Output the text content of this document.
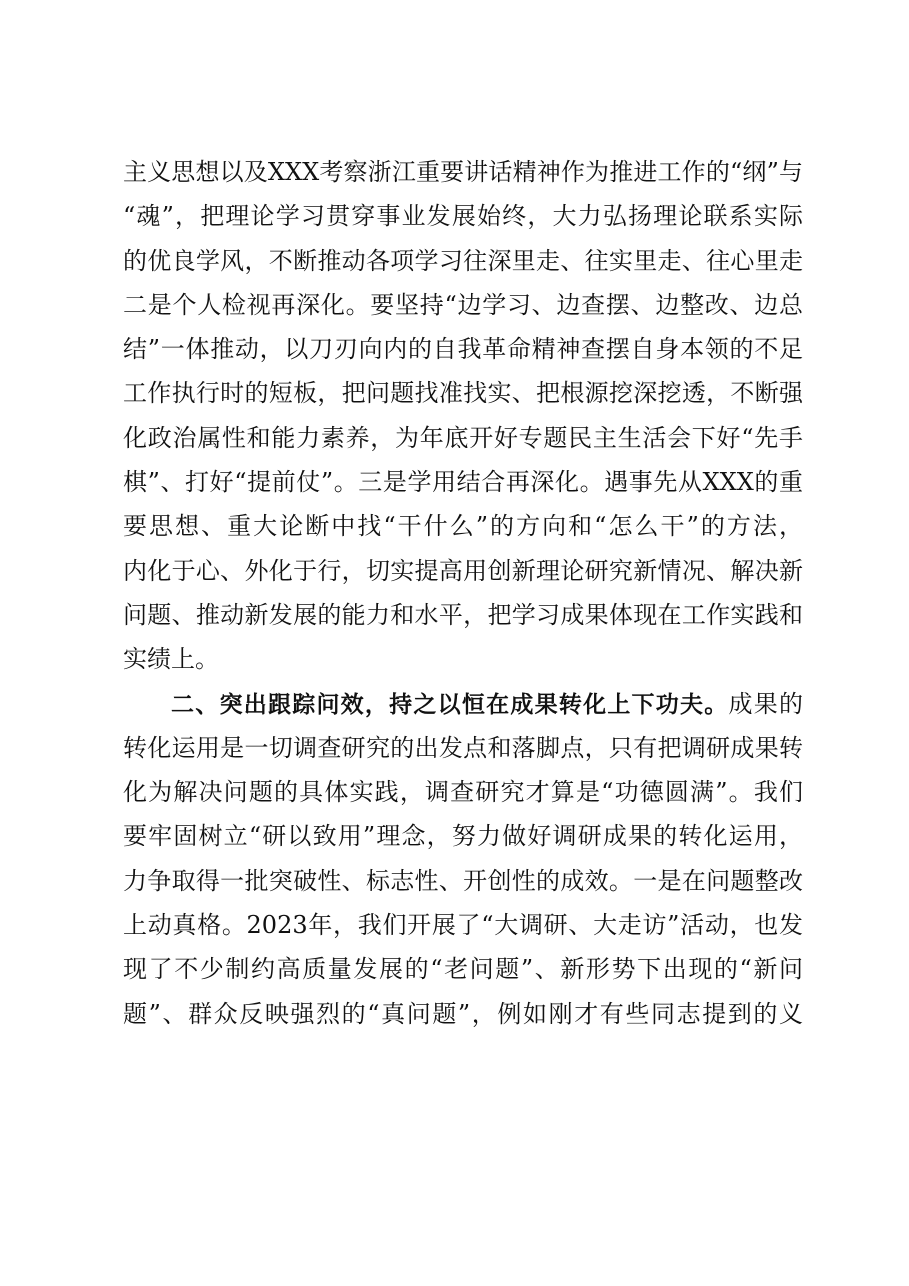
主义思想以及XXX考察浙江重要讲话精神作为推进工作的“纲”与
“魂”，把理论学习贯穿事业发展始终，大力弘扬理论联系实际
的优良学风，不断推动各项学习往深里走、往实里走、往心里走
二是个人检视再深化。要坚持“边学习、边查摆、边整改、边总
结”一体推动，以刀刃向内的自我革命精神查摆自身本领的不足
工作执行时的短板，把问题找准找实、把根源挖深挖透，不断强
化政治属性和能力素养，为年底开好专题民主生活会下好“先手
棋”、打好“提前仗”。三是学用结合再深化。遇事先从XXX的重
要思想、重大论断中找“干什么”的方向和“怎么干”的方法，
内化于心、外化于行，切实提高用创新理论研究新情况、解决新
问题、推动新发展的能力和水平，把学习成果体现在工作实践和
实绩上。
二、突出跟踪问效，持之以恒在成果转化上下功夫。成果的
转化运用是一切调查研究的出发点和落脚点，只有把调研成果转
化为解决问题的具体实践，调查研究才算是“功德圆满”。我们
要牢固树立“研以致用”理念，努力做好调研成果的转化运用，
力争取得一批突破性、标志性、开创性的成效。一是在问题整改
上动真格。2023年，我们开展了“大调研、大走访”活动，也发
现了不少制约高质量发展的“老问题”、新形势下出现的“新问
题”、群众反映强烈的“真问题”，例如刚才有些同志提到的义
